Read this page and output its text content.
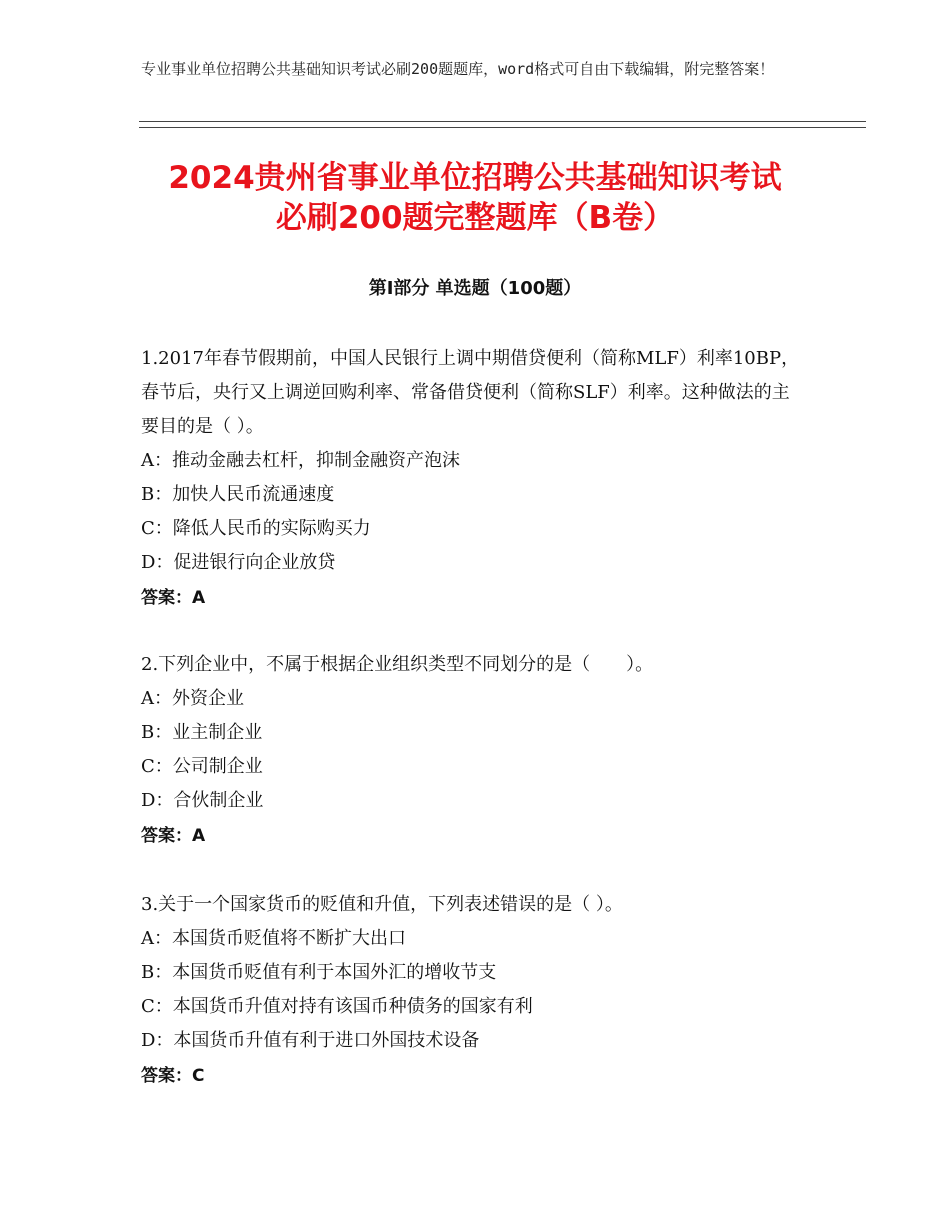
专业事业单位招聘公共基础知识考试必刷200题题库，word格式可自由下载编辑，附完整答案！
2024贵州省事业单位招聘公共基础知识考试
必刷200题完整题库（B卷）
第Ⅰ部分 单选题（100题）
1.2017年春节假期前，中国人民银行上调中期借贷便利（简称MLF）利率10BP，春节后，央行又上调逆回购利率、常备借贷便利（简称SLF）利率。这种做法的主要目的是（ ）。
A：推动金融去杠杆，抑制金融资产泡沫
B：加快人民币流通速度
C：降低人民币的实际购买力
D：促进银行向企业放贷
答案：A
2.下列企业中，不属于根据企业组织类型不同划分的是（　　）。
A：外资企业
B：业主制企业
C：公司制企业
D：合伙制企业
答案：A
3.关于一个国家货币的贬值和升值，下列表述错误的是（ ）。
A：本国货币贬值将不断扩大出口
B：本国货币贬值有利于本国外汇的增收节支
C：本国货币升值对持有该国币种债务的国家有利
D：本国货币升值有利于进口外国技术设备
答案：C
